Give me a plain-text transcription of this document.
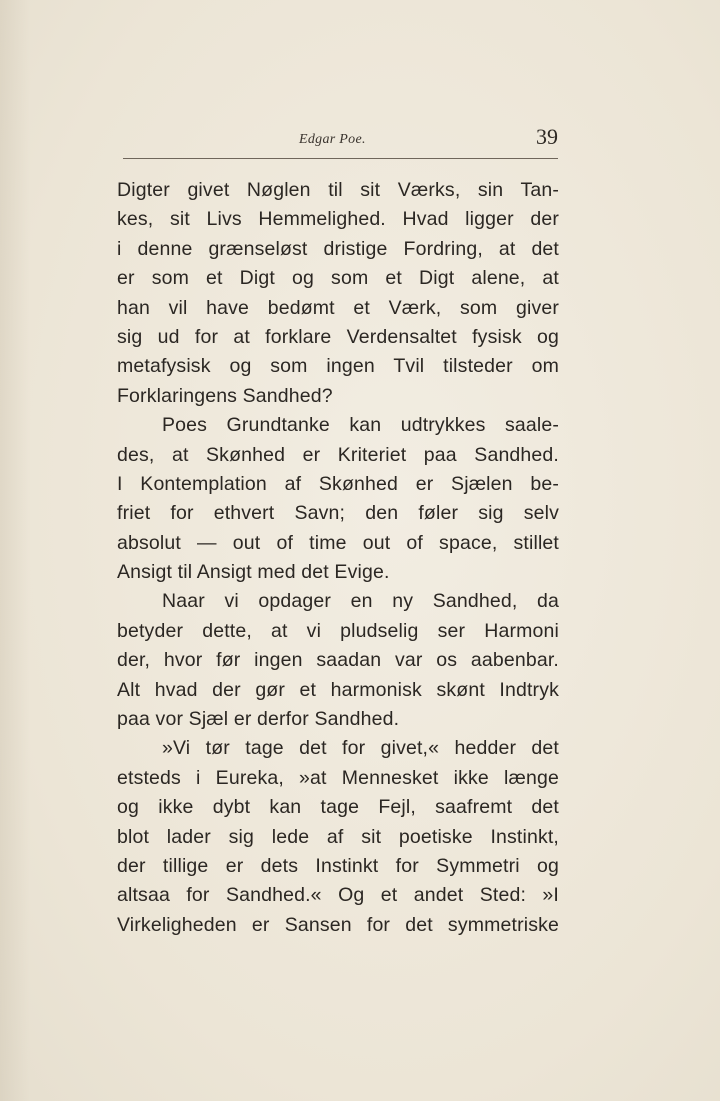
Edgar Poe.	39
Digter givet Nøglen til sit Værks, sin Tan-
kes, sit Livs Hemmelighed. Hvad ligger der
i denne grænseløst dristige Fordring, at det
er som et Digt og som et Digt alene, at
han vil have bedømt et Værk, som giver
sig ud for at forklare Verdensaltet fysisk og
metafysisk og som ingen Tvil tilsteder om
Forklaringens Sandhed?
Poes Grundtanke kan udtrykkes saale-
des, at Skønhed er Kriteriet paa Sandhed.
I Kontemplation af Skønhed er Sjælen be-
friet for ethvert Savn; den føler sig selv
absolut — out of time out of space, stillet
Ansigt til Ansigt med det Evige.
Naar vi opdager en ny Sandhed, da
betyder dette, at vi pludselig ser Harmoni
der, hvor før ingen saadan var os aabenbar.
Alt hvad der gør et harmonisk skønt Indtryk
paa vor Sjæl er derfor Sandhed.
»Vi tør tage det for givet,« hedder det
etsteds i Eureka, »at Mennesket ikke længe
og ikke dybt kan tage Fejl, saafremt det
blot lader sig lede af sit poetiske Instinkt,
der tillige er dets Instinkt for Symmetri og
altsaa for Sandhed.« Og et andet Sted: »I
Virkeligheden er Sansen for det symmetriske
